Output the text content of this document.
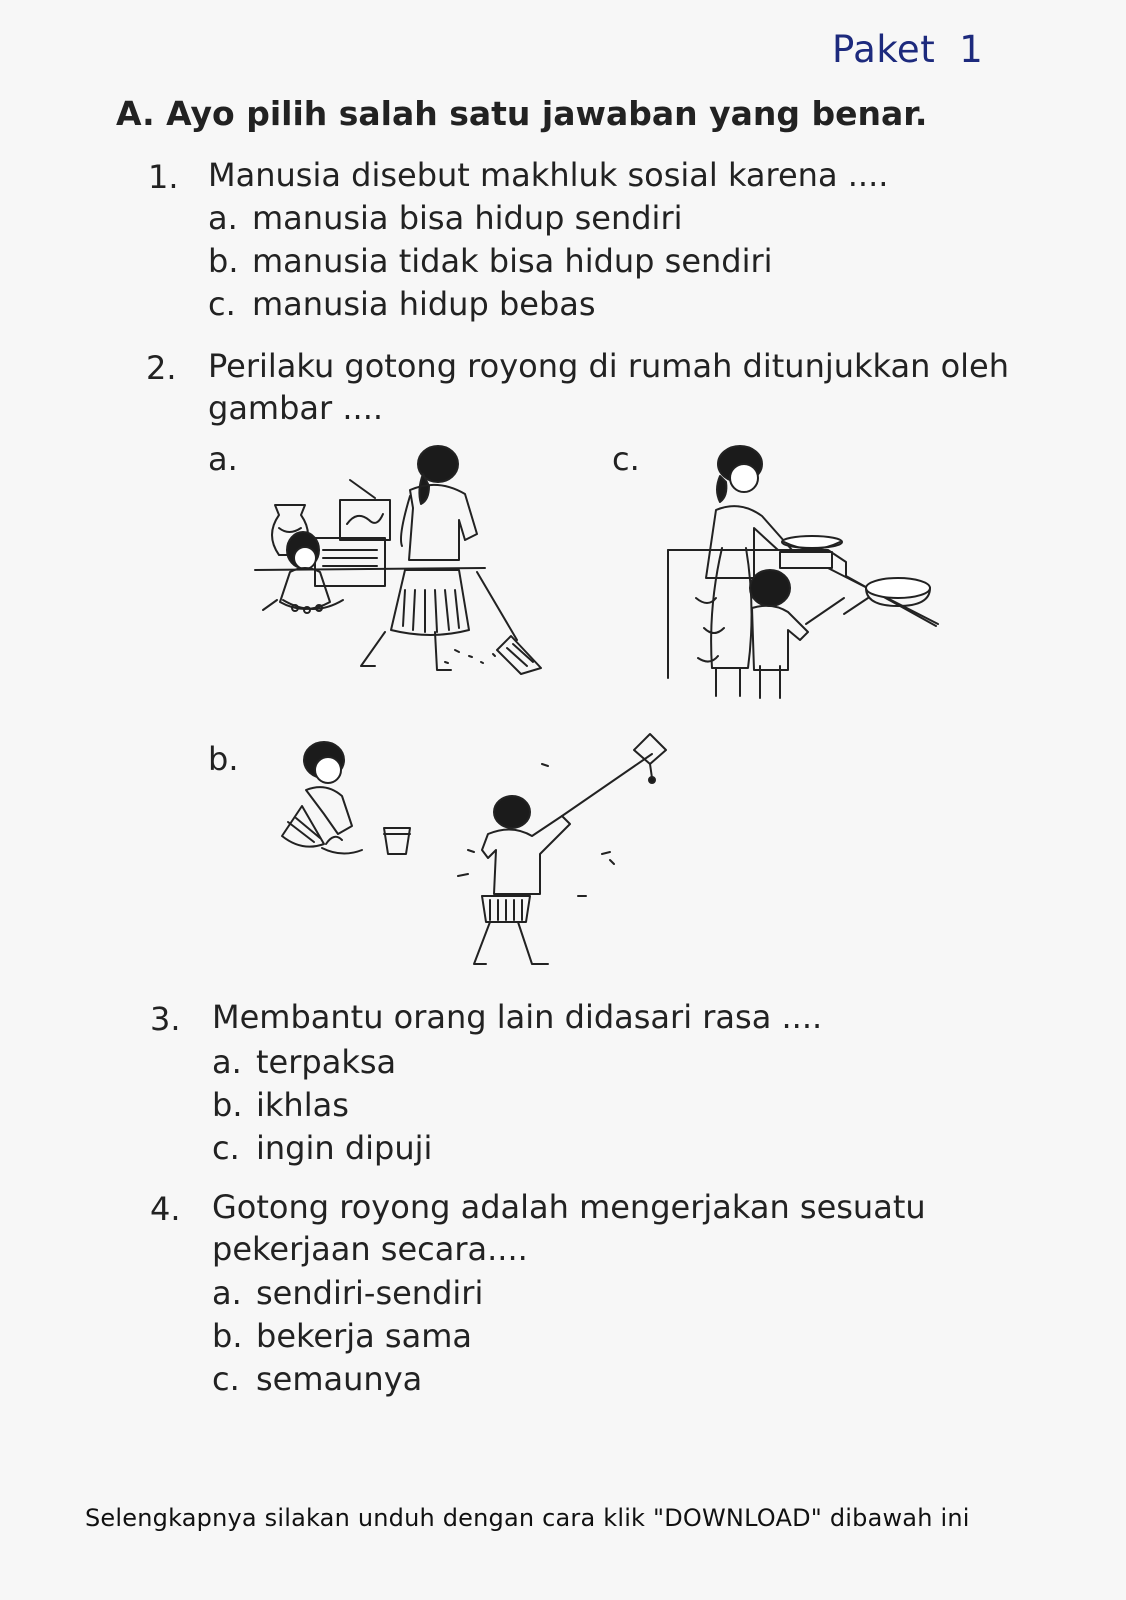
Paket 1
A. Ayo pilih salah satu jawaban yang benar.
1. Manusia disebut makhluk sosial karena ....
a. manusia bisa hidup sendiri
b. manusia tidak bisa hidup sendiri
c. manusia hidup bebas
2. Perilaku gotong royong di rumah ditunjukkan oleh
gambar ....
a.	c.
b.
3. Membantu orang lain didasari rasa ....
a. terpaksa
b. ikhlas
c. ingin dipuji
4. Gotong royong adalah mengerjakan sesuatu
pekerjaan secara....
a. sendiri-sendiri
b. bekerja sama
c. semaunya
Selengkapnya silakan unduh dengan cara klik "DOWNLOAD" dibawah ini
